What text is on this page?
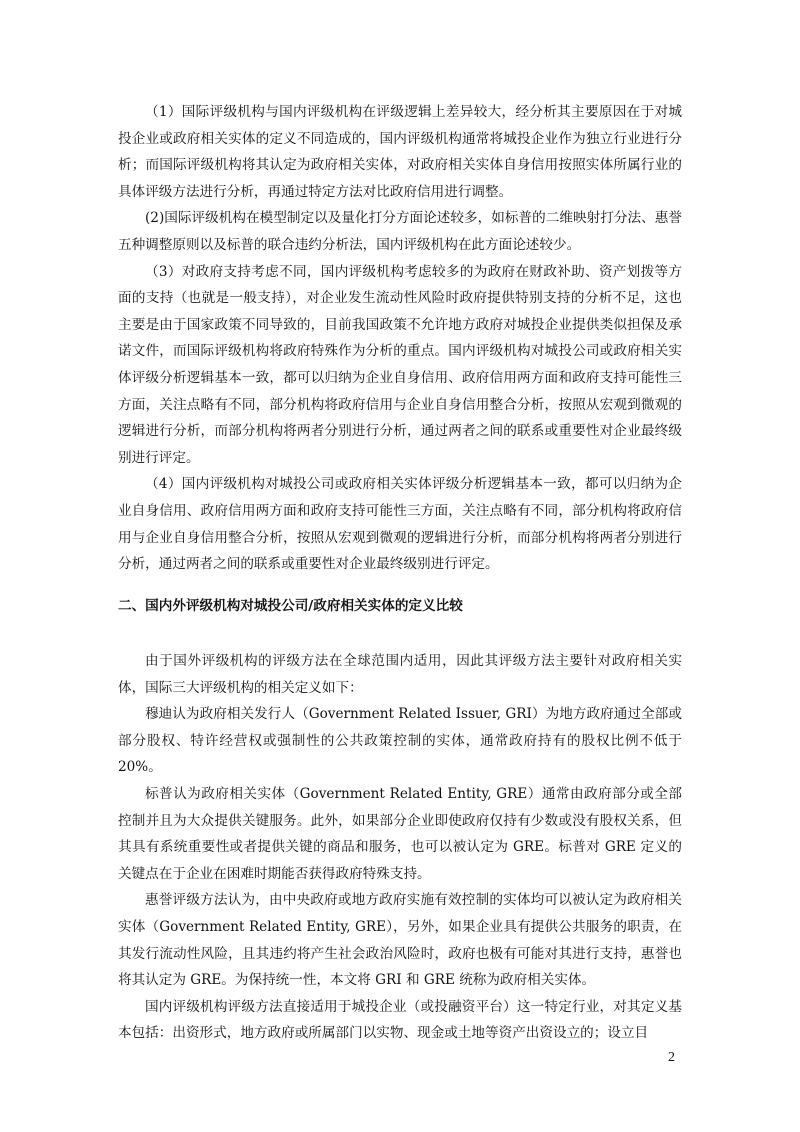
（1）国际评级机构与国内评级机构在评级逻辑上差异较大，经分析其主要原因在于对城投企业或政府相关实体的定义不同造成的，国内评级机构通常将城投企业作为独立行业进行分析；而国际评级机构将其认定为政府相关实体，对政府相关实体自身信用按照实体所属行业的具体评级方法进行分析，再通过特定方法对比政府信用进行调整。

(2)国际评级机构在模型制定以及量化打分方面论述较多，如标普的二维映射打分法、惠誉五种调整原则以及标普的联合违约分析法，国内评级机构在此方面论述较少。

（3）对政府支持考虑不同，国内评级机构考虑较多的为政府在财政补助、资产划拨等方面的支持（也就是一般支持），对企业发生流动性风险时政府提供特别支持的分析不足，这也主要是由于国家政策不同导致的，目前我国政策不允许地方政府对城投企业提供类似担保及承诺文件，而国际评级机构将政府特殊作为分析的重点。国内评级机构对城投公司或政府相关实体评级分析逻辑基本一致，都可以归纳为企业自身信用、政府信用两方面和政府支持可能性三方面，关注点略有不同，部分机构将政府信用与企业自身信用整合分析，按照从宏观到微观的逻辑进行分析，而部分机构将两者分别进行分析，通过两者之间的联系或重要性对企业最终级别进行评定。

（4）国内评级机构对城投公司或政府相关实体评级分析逻辑基本一致，都可以归纳为企业自身信用、政府信用两方面和政府支持可能性三方面，关注点略有不同，部分机构将政府信用与企业自身信用整合分析，按照从宏观到微观的逻辑进行分析，而部分机构将两者分别进行分析，通过两者之间的联系或重要性对企业最终级别进行评定。

二、国内外评级机构对城投公司/政府相关实体的定义比较

由于国外评级机构的评级方法在全球范围内适用，因此其评级方法主要针对政府相关实体，国际三大评级机构的相关定义如下：

穆迪认为政府相关发行人（Government Related Issuer, GRI）为地方政府通过全部或部分股权、特许经营权或强制性的公共政策控制的实体，通常政府持有的股权比例不低于 20%。

标普认为政府相关实体（Government Related Entity, GRE）通常由政府部分或全部控制并且为大众提供关键服务。此外，如果部分企业即使政府仅持有少数或没有股权关系，但其具有系统重要性或者提供关键的商品和服务，也可以被认定为 GRE。标普对 GRE 定义的关键点在于企业在困难时期能否获得政府特殊支持。

惠誉评级方法认为，由中央政府或地方政府实施有效控制的实体均可以被认定为政府相关实体（Government Related Entity, GRE），另外，如果企业具有提供公共服务的职责，在其发行流动性风险，且其违约将产生社会政治风险时，政府也极有可能对其进行支持，惠誉也将其认定为 GRE。为保持统一性，本文将 GRI 和 GRE 统称为政府相关实体。

国内评级机构评级方法直接适用于城投企业（或投融资平台）这一特定行业，对其定义基本包括：出资形式，地方政府或所属部门以实物、现金或土地等资产出资设立的；设立目

2
